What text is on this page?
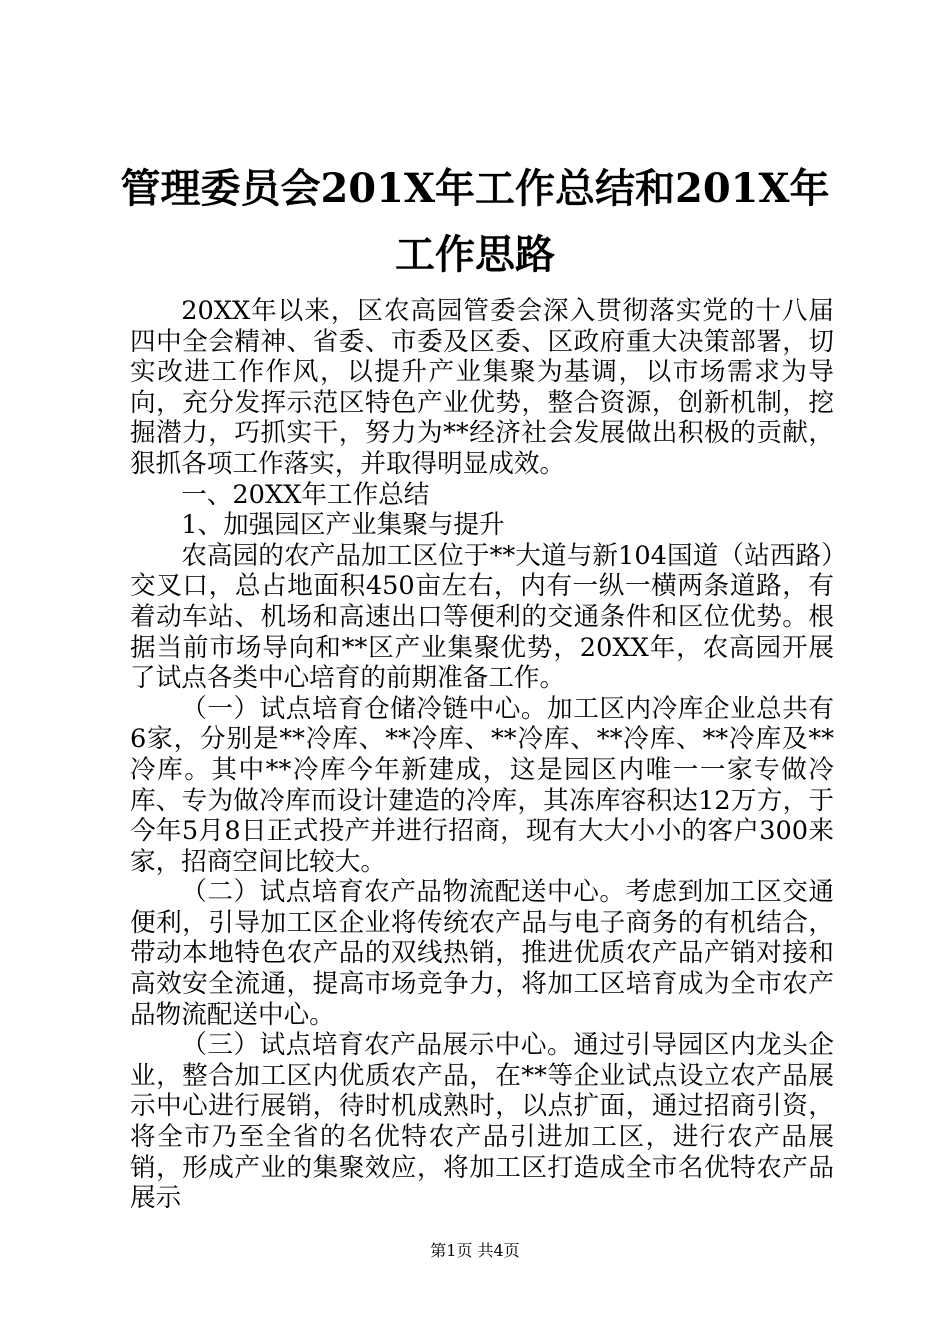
管理委员会201X年工作总结和201X年工作思路

20XX年以来，区农高园管委会深入贯彻落实党的十八届四中全会精神、省委、市委及区委、区政府重大决策部署，切实改进工作作风，以提升产业集聚为基调，以市场需求为导向，充分发挥示范区特色产业优势，整合资源，创新机制，挖掘潜力，巧抓实干，努力为**经济社会发展做出积极的贡献，狠抓各项工作落实，并取得明显成效。

一、20XX年工作总结

1、加强园区产业集聚与提升

农高园的农产品加工区位于**大道与新104国道（站西路）交叉口，总占地面积450亩左右，内有一纵一横两条道路，有着动车站、机场和高速出口等便利的交通条件和区位优势。根据当前市场导向和**区产业集聚优势，20XX年，农高园开展了试点各类中心培育的前期准备工作。

（一）试点培育仓储冷链中心。加工区内冷库企业总共有6家，分别是**冷库、**冷库、**冷库、**冷库、**冷库及**冷库。其中**冷库今年新建成，这是园区内唯一一家专做冷库、专为做冷库而设计建造的冷库，其冻库容积达12万方，于今年5月8日正式投产并进行招商，现有大大小小的客户300来家，招商空间比较大。

（二）试点培育农产品物流配送中心。考虑到加工区交通便利，引导加工区企业将传统农产品与电子商务的有机结合，带动本地特色农产品的双线热销，推进优质农产品产销对接和高效安全流通，提高市场竞争力，将加工区培育成为全市农产品物流配送中心。

（三）试点培育农产品展示中心。通过引导园区内龙头企业，整合加工区内优质农产品，在**等企业试点设立农产品展示中心进行展销，待时机成熟时，以点扩面，通过招商引资，将全市乃至全省的名优特农产品引进加工区，进行农产品展销，形成产业的集聚效应，将加工区打造成全市名优特农产品展示

第1页 共4页
